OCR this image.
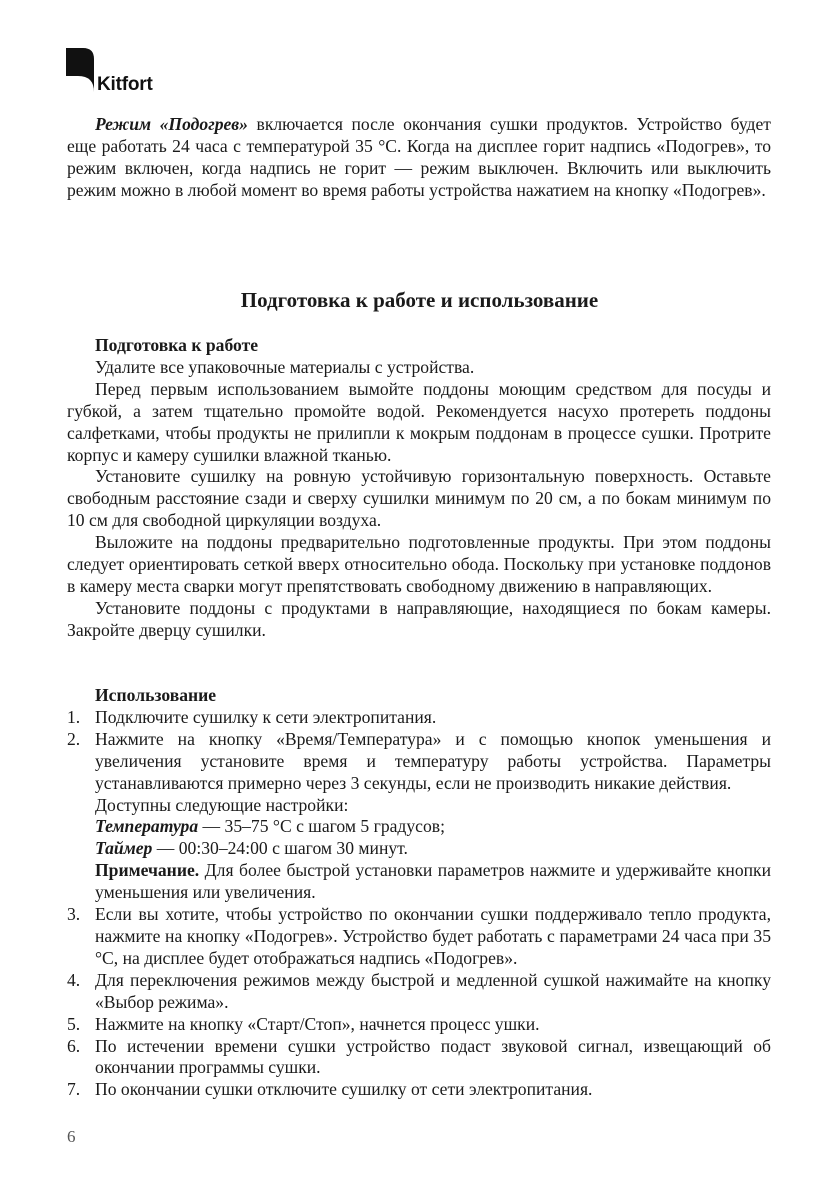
Kitfort

Режим «Подогрев» включается после окончания сушки продуктов. Устройство будет еще работать 24 часа с температурой 35 °C. Когда на дисплее горит надпись «Подогрев», то режим включен, когда надпись не горит — режим выключен. Включить или выключить режим можно в любой момент во время работы устройства нажатием на кнопку «Подогрев».

Подготовка к работе и использование

Подготовка к работе

Удалите все упаковочные материалы с устройства.

Перед первым использованием вымойте поддоны моющим средством для посуды и губкой, а затем тщательно промойте водой. Рекомендуется насухо протереть поддоны салфетками, чтобы продукты не прилипли к мокрым поддонам в процессе сушки. Протрите корпус и камеру сушилки влажной тканью.

Установите сушилку на ровную устойчивую горизонтальную поверхность. Оставьте свободным расстояние сзади и сверху сушилки минимум по 20 см, а по бокам минимум по 10 см для свободной циркуляции воздуха.

Выложите на поддоны предварительно подготовленные продукты. При этом поддоны следует ориентировать сеткой вверх относительно обода. Поскольку при установке поддонов в камеру места сварки могут препятствовать свободному движению в направляющих.

Установите поддоны с продуктами в направляющие, находящиеся по бокам камеры. Закройте дверцу сушилки.

Использование

1. Подключите сушилку к сети электропитания.
2. Нажмите на кнопку «Время/Температура» и с помощью кнопок уменьшения и увеличения установите время и температуру работы устройства. Параметры устанавливаются примерно через 3 секунды, если не производить никакие действия.
Доступны следующие настройки:
Температура — 35–75 °C с шагом 5 градусов;
Таймер — 00:30–24:00 с шагом 30 минут.
Примечание. Для более быстрой установки параметров нажмите и удерживайте кнопки уменьшения или увеличения.
3. Если вы хотите, чтобы устройство по окончании сушки поддерживало тепло продукта, нажмите на кнопку «Подогрев». Устройство будет работать с параметрами 24 часа при 35 °C, на дисплее будет отображаться надпись «Подогрев».
4. Для переключения режимов между быстрой и медленной сушкой нажимайте на кнопку «Выбор режима».
5. Нажмите на кнопку «Старт/Стоп», начнется процесс ушки.
6. По истечении времени сушки устройство подаст звуковой сигнал, извещающий об окончании программы сушки.
7. По окончании сушки отключите сушилку от сети электропитания.
6
